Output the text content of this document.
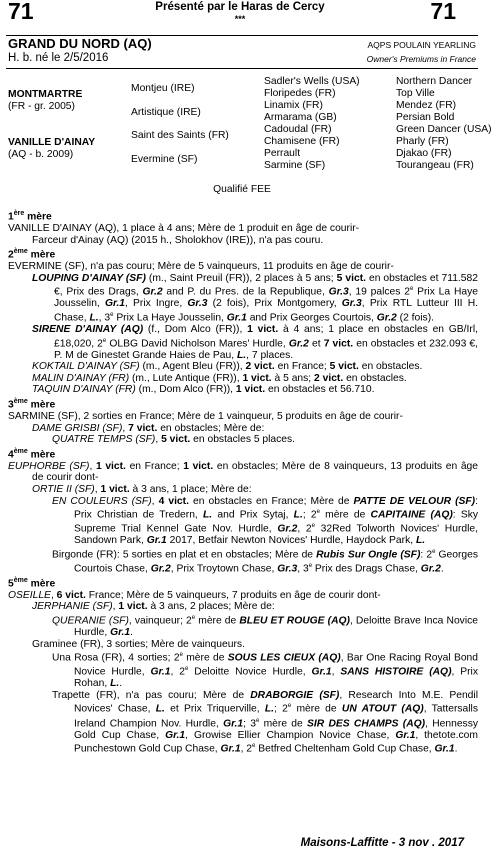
71	71
Présenté par le Haras de Cercy
***
GRAND DU NORD (AQ)
H. b. né le 2/5/2016
AQPS POULAIN YEARLING
Owner's Premiums in France
MONTMARTRE
(FR - gr. 2005)
VANILLE D'AINAY
(AQ - b. 2009)
Montjeu (IRE)
Artistique (IRE)
Saint des Saints (FR)
Evermine (SF)
Sadler's Wells (USA)
Floripedes (FR)
Linamix (FR)
Armarama (GB)
Cadoudal (FR)
Chamisene (FR)
Perrault
Sarmine (SF)
Northern Dancer
Top Ville
Mendez (FR)
Persian Bold
Green Dancer (USA)
Pharly (FR)
Djakao (FR)
Tourangeau (FR)
Qualifié FEE

1ère mère

VANILLE D'AINAY (AQ), 1 place à 4 ans; Mère de 1 produit en âge de courir-

Farceur d'Ainay (AQ) (2015 h., Sholokhov (IRE)), n'a pas couru.

2ème mère

EVERMINE (SF), n'a pas couru; Mère de 5 vainqueurs, 11 produits en âge de courir-

LOUPING D'AINAY (SF) (m., Saint Preuil (FR)), 2 places à 5 ans; 5 vict. en obstacles et 711.582 €, Prix des Drags, Gr.2 and P. du Pres. de la Republique, Gr.3, 19 palces 2e Prix La Haye Jousselin, Gr.1, Prix Ingre, Gr.3 (2 fois), Prix Montgomery, Gr.3, Prix RTL Lutteur III H. Chase, L., 3e Prix La Haye Jousselin, Gr.1 and Prix Georges Courtois, Gr.2 (2 fois).

SIRENE D'AINAY (AQ) (f., Dom Alco (FR)), 1 vict. à 4 ans; 1 place en obstacles en GB/Irl, £18,020, 2e OLBG David Nicholson Mares' Hurdle, Gr.2 et 7 vict. en obstacles et 232.093 €, P. M de Ginestet Grande Haies de Pau, L., 7 places.

KOKTAIL D'AINAY (SF) (m., Agent Bleu (FR)), 2 vict. en France; 5 vict. en obstacles.

MALIN D'AINAY (FR) (m., Lute Antique (FR)), 1 vict. à 5 ans; 2 vict. en obstacles.

TAQUIN D'AINAY (FR) (m., Dom Alco (FR)), 1 vict. en obstacles et 56.710.

3ème mère

SARMINE (SF), 2 sorties en France; Mère de 1 vainqueur, 5 produits en âge de courir-

DAME GRISBI (SF), 7 vict. en obstacles; Mère de:

QUATRE TEMPS (SF), 5 vict. en obstacles 5 places.

4ème mère

EUPHORBE (SF), 1 vict. en France; 1 vict. en obstacles; Mère de 8 vainqueurs, 13 produits en âge de courir dont-

ORTIE II (SF), 1 vict. à 3 ans, 1 place; Mère de:

EN COULEURS (SF), 4 vict. en obstacles en France; Mère de PATTE DE VELOUR (SF): Prix Christian de Tredern, L. and Prix Sytaj, L.; 2e mère de CAPITAINE (AQ): Sky Supreme Trial Kennel Gate Nov. Hurdle, Gr.2, 2e 32Red Tolworth Novices' Hurdle, Sandown Park, Gr.1 2017, Betfair Newton Novices' Hurdle, Haydock Park, L.

Birgonde (FR): 5 sorties en plat et en obstacles; Mère de Rubis Sur Ongle (SF): 2e Georges Courtois Chase, Gr.2, Prix Troytown Chase, Gr.3, 3e Prix des Drags Chase, Gr.2.

5ème mère

OSEILLE, 6 vict. France; Mère de 5 vainqueurs, 7 produits en âge de courir dont-

JERPHANIE (SF), 1 vict. à 3 ans, 2 places; Mère de:

QUERANIE (SF), vainqueur; 2e mère de BLEU ET ROUGE (AQ), Deloitte Brave Inca Novice Hurdle, Gr.1.

Graminee (FR), 3 sorties; Mère de vainqueurs.

Una Rosa (FR), 4 sorties; 2e mère de SOUS LES CIEUX (AQ), Bar One Racing Royal Bond Novice Hurdle, Gr.1, 2e Deloitte Novice Hurdle, Gr.1, SANS HISTOIRE (AQ), Prix Rohan, L..

Trapette (FR), n'a pas couru; Mère de DRABORGIE (SF), Research Into M.E. Pendil Novices' Chase, L. et Prix Triquerville, L.; 2e mère de UN ATOUT (AQ), Tattersalls Ireland Champion Nov. Hurdle, Gr.1; 3e mère de SIR DES CHAMPS (AQ), Hennessy Gold Cup Chase, Gr.1, Growise Ellier Champion Novice Chase, Gr.1, thetote.com Punchestown Gold Cup Chase, Gr.1, 2e Betfred Cheltenham Gold Cup Chase, Gr.1.

Maisons-Laffitte - 3 nov . 2017
